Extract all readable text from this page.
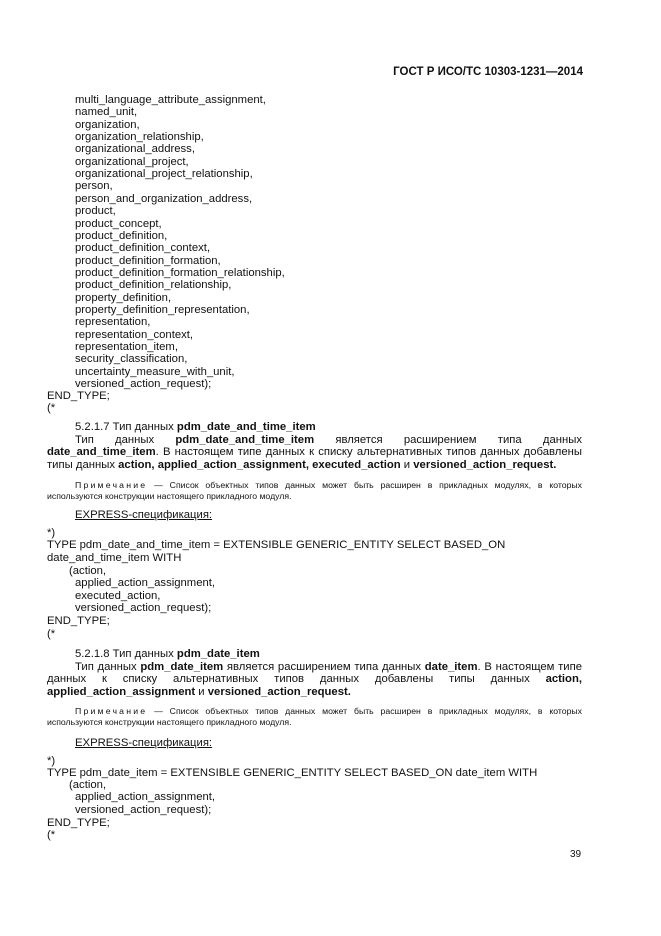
ГОСТ Р ИСО/ТС 10303-1231—2014
multi_language_attribute_assignment,
named_unit,
organization,
organization_relationship,
organizational_address,
organizational_project,
organizational_project_relationship,
person,
person_and_organization_address,
product,
product_concept,
product_definition,
product_definition_context,
product_definition_formation,
product_definition_formation_relationship,
product_definition_relationship,
property_definition,
property_definition_representation,
representation,
representation_context,
representation_item,
security_classification,
uncertainty_measure_with_unit,
versioned_action_request);
END_TYPE;
(*
5.2.1.7 Тип данных pdm_date_and_time_item
Тип данных pdm_date_and_time_item является расширением типа данных date_and_time_item. В настоящем типе данных к списку альтернативных типов данных добавлены типы данных action, applied_action_assignment, executed_action и versioned_action_request.
Примечание — Список объектных типов данных может быть расширен в прикладных модулях, в которых используются конструкции настоящего прикладного модуля.
EXPRESS-спецификация:
*)
TYPE pdm_date_and_time_item = EXTENSIBLE GENERIC_ENTITY SELECT BASED_ON
date_and_time_item WITH
(action,
applied_action_assignment,
executed_action,
versioned_action_request);
END_TYPE;
(*
5.2.1.8 Тип данных pdm_date_item
Тип данных pdm_date_item является расширением типа данных date_item. В настоящем типе данных к списку альтернативных типов данных добавлены типы данных action, applied_action_assignment и versioned_action_request.
Примечание — Список объектных типов данных может быть расширен в прикладных модулях, в которых используются конструкции настоящего прикладного модуля.
EXPRESS-спецификация:
*)
TYPE pdm_date_item = EXTENSIBLE GENERIC_ENTITY SELECT BASED_ON date_item WITH
(action,
applied_action_assignment,
versioned_action_request);
END_TYPE;
(*
39
